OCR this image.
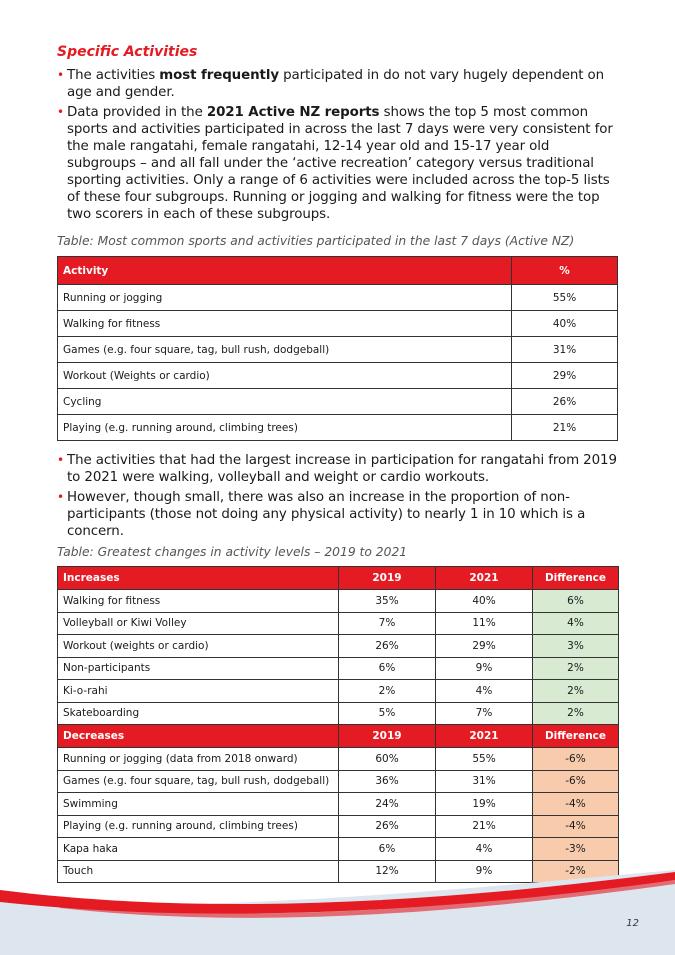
Specific Activities
• The activities most frequently participated in do not vary hugely dependent on age and gender.
• Data provided in the 2021 Active NZ reports shows the top 5 most common sports and activities participated in across the last 7 days were very consistent for the male rangatahi, female rangatahi, 12-14 year old and 15-17 year old subgroups – and all fall under the ‘active recreation’ category versus traditional sporting activities. Only a range of 6 activities were included across the top-5 lists of these four subgroups. Running or jogging and walking for fitness were the top two scorers in each of these subgroups.
Table: Most common sports and activities participated in the last 7 days (Active NZ)
Activity	%
Running or jogging	55%
Walking for fitness	40%
Games (e.g. four square, tag, bull rush, dodgeball)	31%
Workout (Weights or cardio)	29%
Cycling	26%
Playing (e.g. running around, climbing trees)	21%
• The activities that had the largest increase in participation for rangatahi from 2019 to 2021 were walking, volleyball and weight or cardio workouts.
• However, though small, there was also an increase in the proportion of non-participants (those not doing any physical activity) to nearly 1 in 10 which is a concern.
Table: Greatest changes in activity levels – 2019 to 2021
Increases	2019	2021	Difference
Walking for fitness	35%	40%	6%
Volleyball or Kiwi Volley	7%	11%	4%
Workout (weights or cardio)	26%	29%	3%
Non-participants	6%	9%	2%
Ki-o-rahi	2%	4%	2%
Skateboarding	5%	7%	2%
Decreases	2019	2021	Difference
Running or jogging (data from 2018 onward)	60%	55%	-6%
Games (e.g. four square, tag, bull rush, dodgeball)	36%	31%	-6%
Swimming	24%	19%	-4%
Playing (e.g. running around, climbing trees)	26%	21%	-4%
Kapa haka	6%	4%	-3%
Touch	12%	9%	-2%
12
